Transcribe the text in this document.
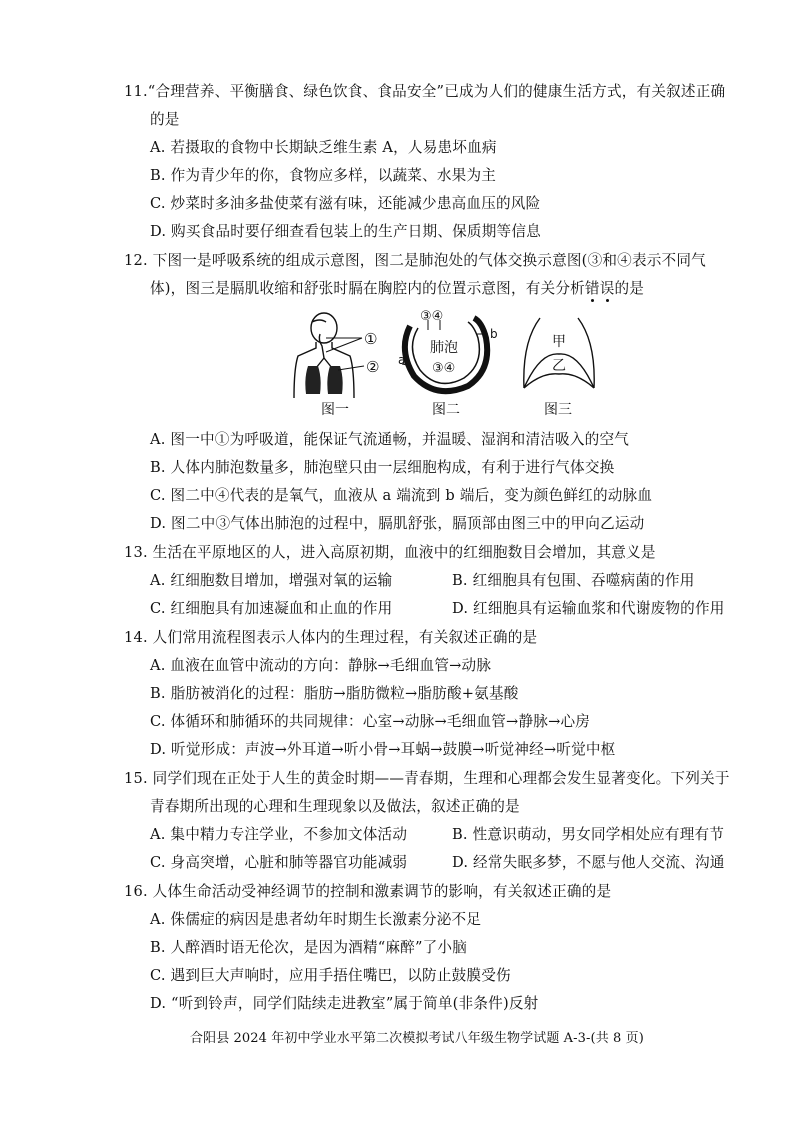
11.“合理营养、平衡膳食、绿色饮食、食品安全”已成为人们的健康生活方式，有关叙述正确
的是
A. 若摄取的食物中长期缺乏维生素 A，人易患坏血病
B. 作为青少年的你，食物应多样，以蔬菜、水果为主
C. 炒菜时多油多盐使菜有滋有味，还能减少患高血压的风险
D. 购买食品时要仔细查看包装上的生产日期、保质期等信息
12. 下图一是呼吸系统的组成示意图，图二是肺泡处的气体交换示意图(③和④表示不同气
体)，图三是膈肌收缩和舒张时膈在胸腔内的位置示意图，有关分析错误的是
①
②
图一
③④
肺泡
③④
a
b
图二
甲
乙
图三
A. 图一中①为呼吸道，能保证气流通畅，并温暖、湿润和清洁吸入的空气
B. 人体内肺泡数量多，肺泡壁只由一层细胞构成，有利于进行气体交换
C. 图二中④代表的是氧气，血液从 a 端流到 b 端后，变为颜色鲜红的动脉血
D. 图二中③气体出肺泡的过程中，膈肌舒张，膈顶部由图三中的甲向乙运动
13. 生活在平原地区的人，进入高原初期，血液中的红细胞数目会增加，其意义是
A. 红细胞数目增加，增强对氧的运输	B. 红细胞具有包围、吞噬病菌的作用
C. 红细胞具有加速凝血和止血的作用	D. 红细胞具有运输血浆和代谢废物的作用
14. 人们常用流程图表示人体内的生理过程，有关叙述正确的是
A. 血液在血管中流动的方向：静脉→毛细血管→动脉
B. 脂肪被消化的过程：脂肪→脂肪微粒→脂肪酸+氨基酸
C. 体循环和肺循环的共同规律：心室→动脉→毛细血管→静脉→心房
D. 听觉形成：声波→外耳道→听小骨→耳蜗→鼓膜→听觉神经→听觉中枢
15. 同学们现在正处于人生的黄金时期——青春期，生理和心理都会发生显著变化。下列关于
青春期所出现的心理和生理现象以及做法，叙述正确的是
A. 集中精力专注学业，不参加文体活动	B. 性意识萌动，男女同学相处应有理有节
C. 身高突增，心脏和肺等器官功能减弱	D. 经常失眠多梦，不愿与他人交流、沟通
16. 人体生命活动受神经调节的控制和激素调节的影响，有关叙述正确的是
A. 侏儒症的病因是患者幼年时期生长激素分泌不足
B. 人醉酒时语无伦次，是因为酒精“麻醉”了小脑
C. 遇到巨大声响时，应用手捂住嘴巴，以防止鼓膜受伤
D. “听到铃声，同学们陆续走进教室”属于简单(非条件)反射
合阳县 2024 年初中学业水平第二次模拟考试八年级生物学试题 A-3-(共 8 页)
